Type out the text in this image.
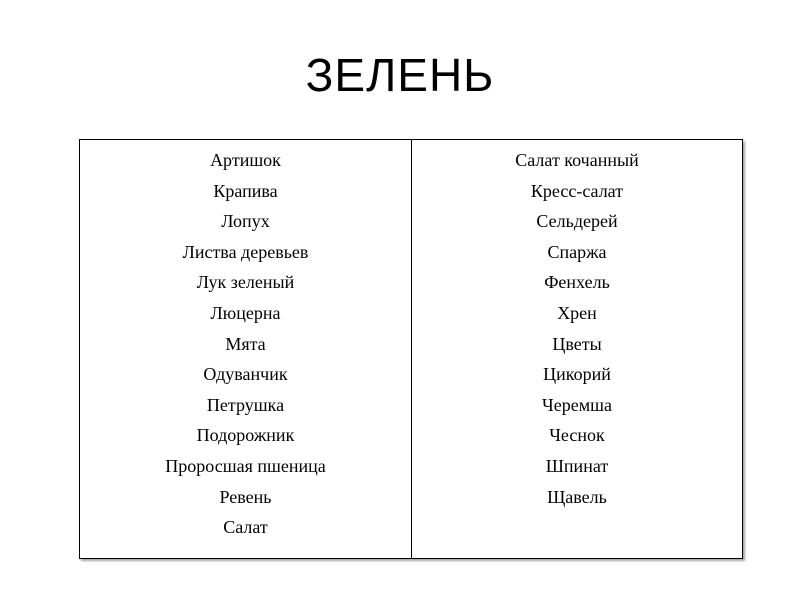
ЗЕЛЕНЬ
Артишок
Крапива
Лопух
Листва деревьев
Лук зеленый
Люцерна
Мята
Одуванчик
Петрушка
Подорожник
Проросшая пшеница
Ревень
Салат
Салат кочанный
Кресс-салат
Сельдерей
Спаржа
Фенхель
Хрен
Цветы
Цикорий
Черемша
Чеснок
Шпинат
Щавель
